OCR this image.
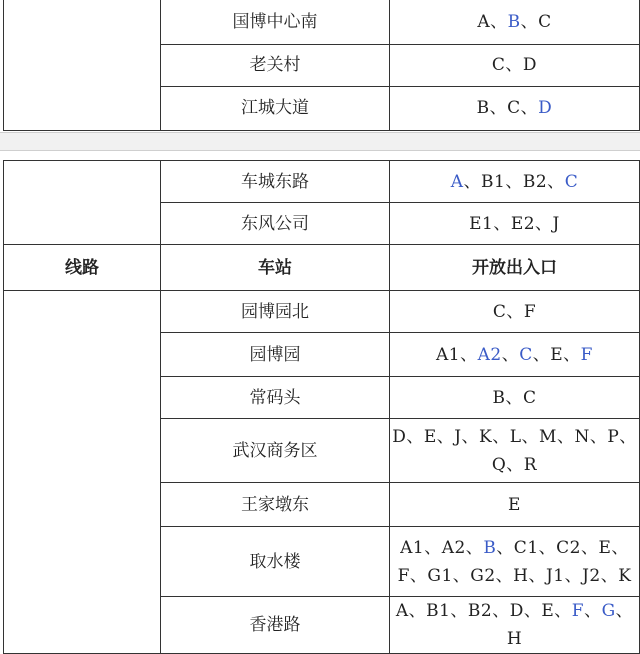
	国博中心南	A、B、C
	老关村	C、D
	江城大道	B、C、D
	车城东路	A、B1、B2、C
	东风公司	E1、E2、J
线路	车站	开放出入口
	园博园北	C、F
	园博园	A1、A2、C、E、F
	常码头	B、C
	武汉商务区	D、E、J、K、L、M、N、P、Q、R
	王家墩东	E
	取水楼	A1、A2、B、C1、C2、E、F、G1、G2、H、J1、J2、K
	香港路	A、B1、B2、D、E、F、G、H
